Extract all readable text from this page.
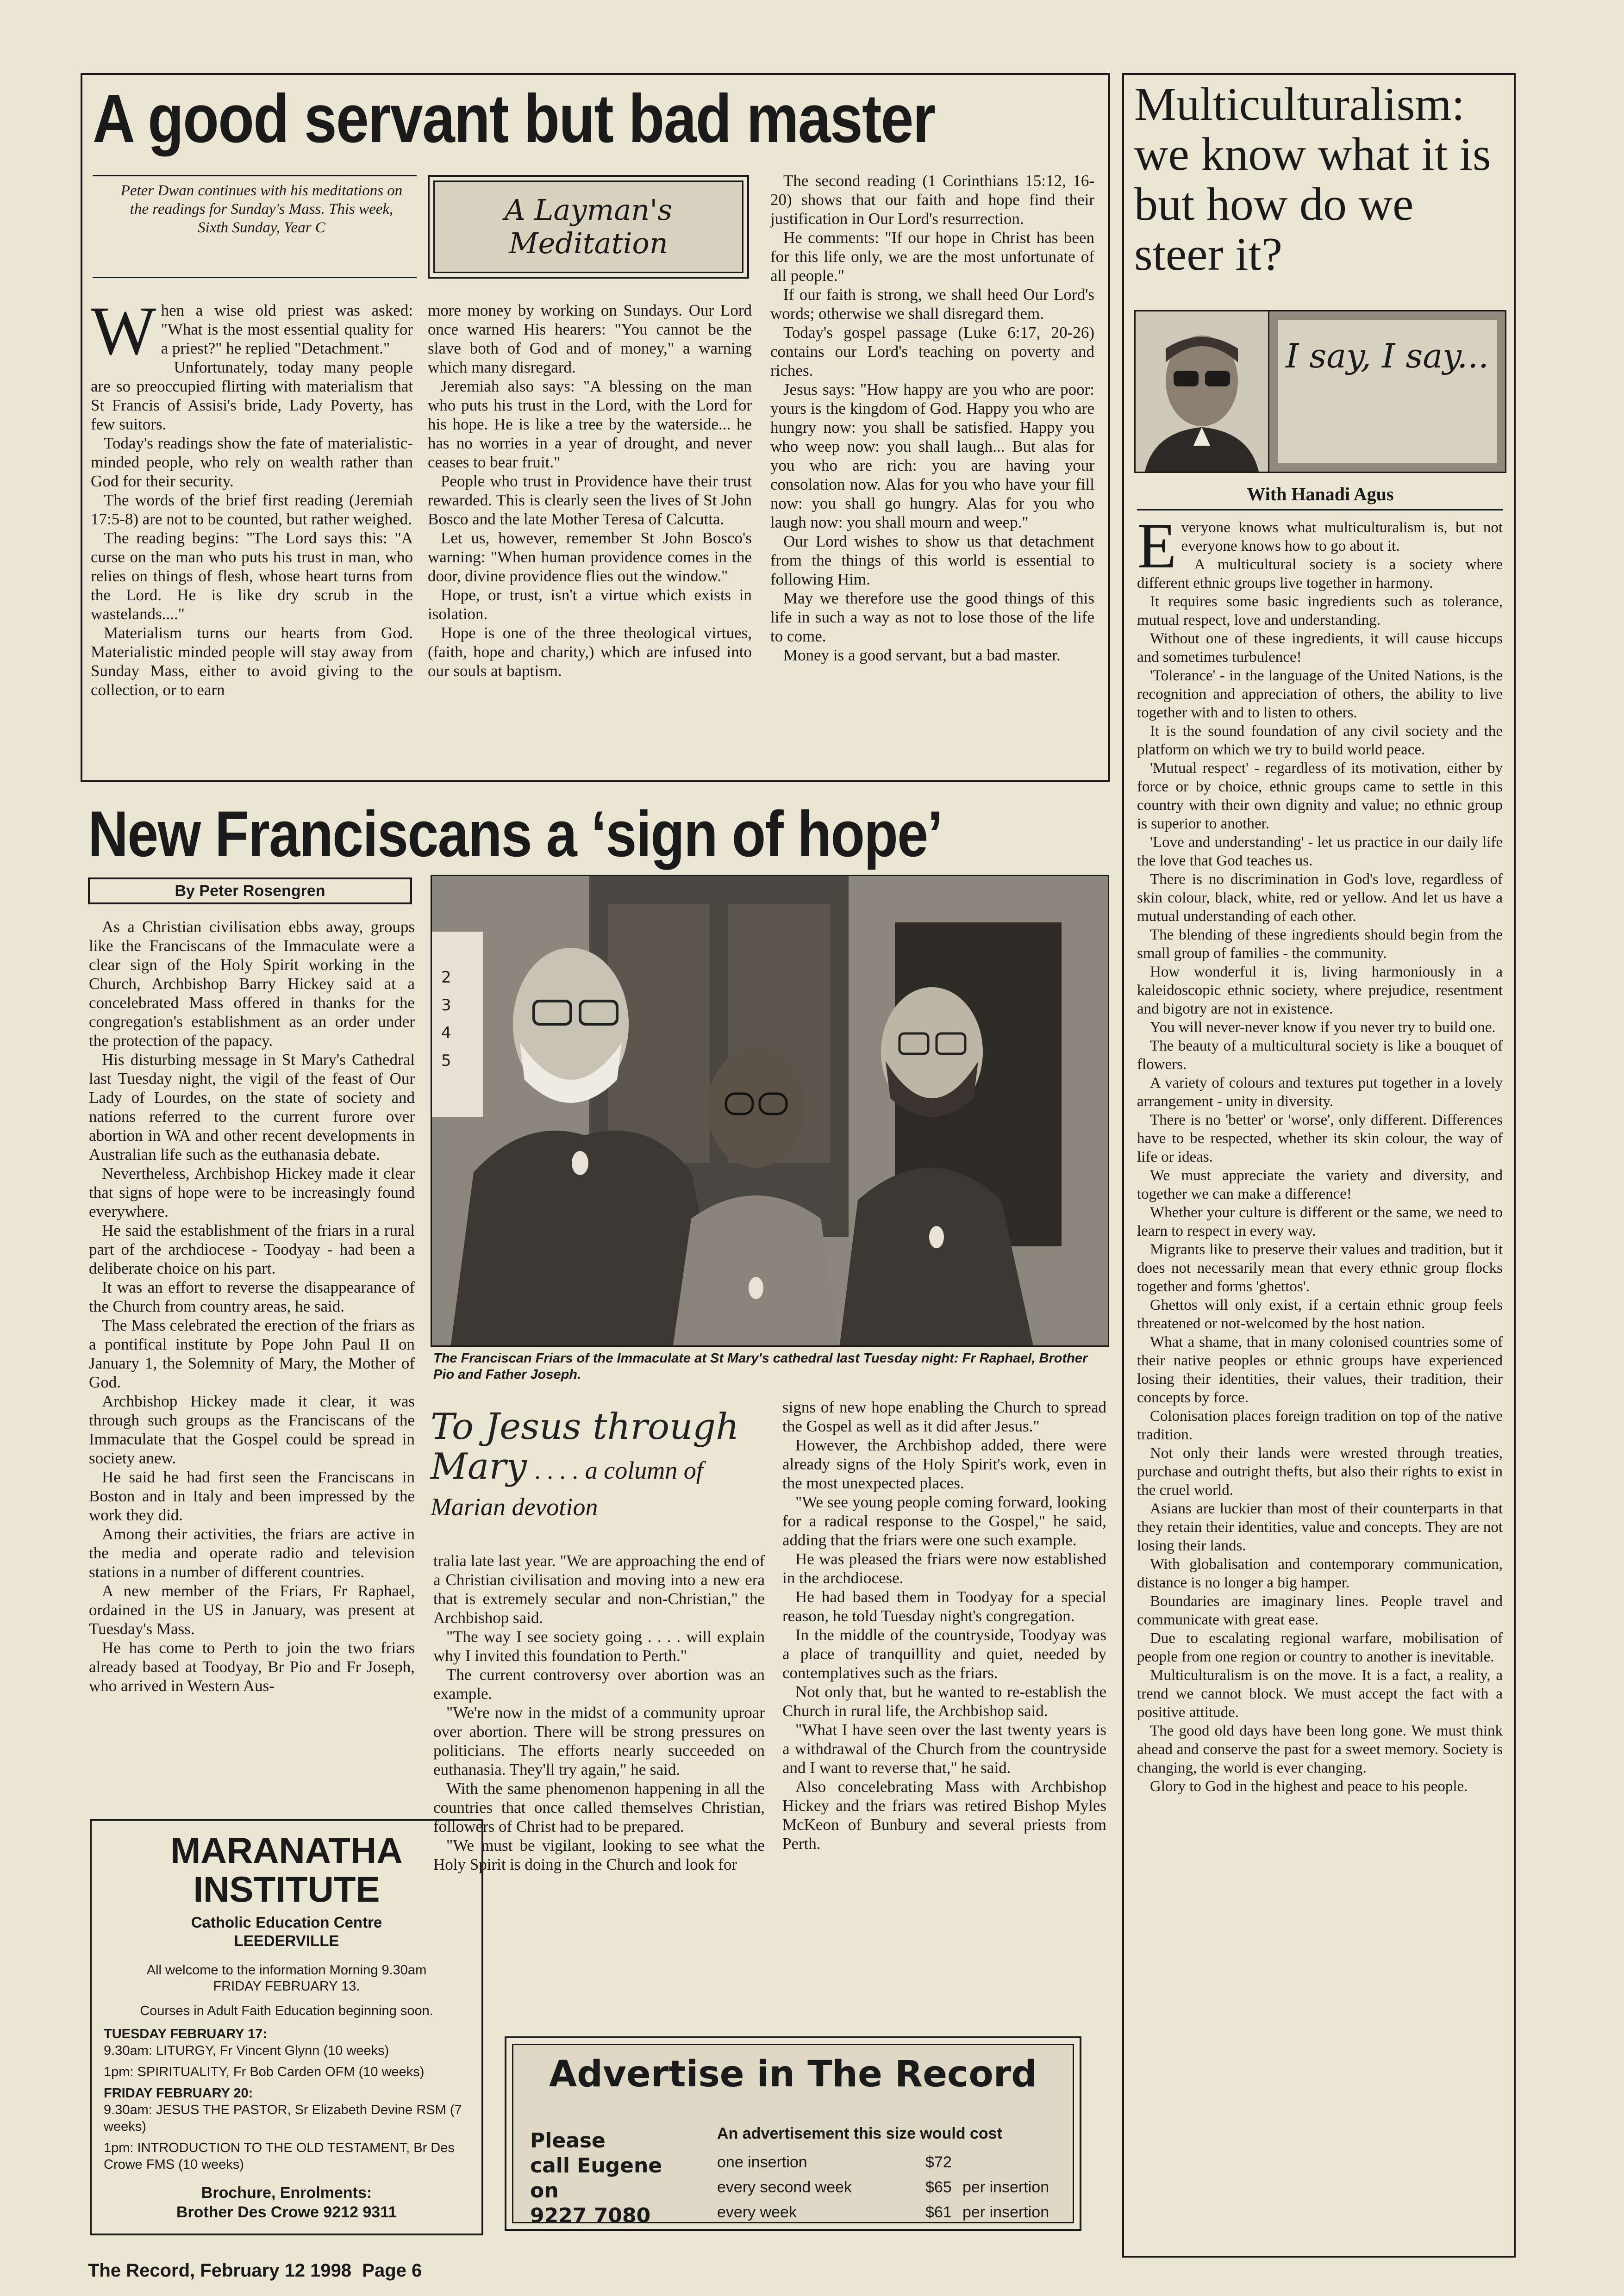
A good servant but bad master
Peter Dwan continues with his meditations on the readings for Sunday's Mass. This week, Sixth Sunday, Year C
A Layman's Meditation
W hen a wise old priest was asked: "What is the most essential quality for a priest?" he replied "Detachment."

Unfortunately, today many people are so preoccupied flirting with materialism that St Francis of Assisi's bride, Lady Poverty, has few suitors.

Today's readings show the fate of materialistic-minded people, who rely on wealth rather than God for their security.

The words of the brief first reading (Jeremiah 17:5-8) are not to be counted, but rather weighed.

The reading begins: "The Lord says this: "A curse on the man who puts his trust in man, who relies on things of flesh, whose heart turns from the Lord. He is like dry scrub in the wastelands...."

Materialism turns our hearts from God. Materialistic minded people will stay away from Sunday Mass, either to avoid giving to the collection, or to earn

more money by working on Sundays. Our Lord once warned His hearers: "You cannot be the slave both of God and of money," a warning which many disregard.

Jeremiah also says: "A blessing on the man who puts his trust in the Lord, with the Lord for his hope. He is like a tree by the waterside... he has no worries in a year of drought, and never ceases to bear fruit."

People who trust in Providence have their trust rewarded. This is clearly seen the lives of St John Bosco and the late Mother Teresa of Calcutta.

Let us, however, remember St John Bosco's warning: "When human providence comes in the door, divine providence flies out the window."

Hope, or trust, isn't a virtue which exists in isolation.

Hope is one of the three theological virtues, (faith, hope and charity,) which are infused into our souls at baptism.

The second reading (1 Corinthians 15:12, 16-20) shows that our faith and hope find their justification in Our Lord's resurrection.

He comments: "If our hope in Christ has been for this life only, we are the most unfortunate of all people."

If our faith is strong, we shall heed Our Lord's words; otherwise we shall disregard them.

Today's gospel passage (Luke 6:17, 20-26) contains our Lord's teaching on poverty and riches.

Jesus says: "How happy are you who are poor: yours is the kingdom of God. Happy you who are hungry now: you shall be satisfied. Happy you who weep now: you shall laugh... But alas for you who are rich: you are having your consolation now. Alas for you who have your fill now: you shall go hungry. Alas for you who laugh now: you shall mourn and weep."

Our Lord wishes to show us that detachment from the things of this world is essential to following Him.

May we therefore use the good things of this life in such a way as not to lose those of the life to come.

Money is a good servant, but a bad master.

New Franciscans a ‘sign of hope’
By Peter Rosengren

As a Christian civilisation ebbs away, groups like the Franciscans of the Immaculate were a clear sign of the Holy Spirit working in the Church, Archbishop Barry Hickey said at a concelebrated Mass offered in thanks for the congregation's establishment as an order under the protection of the papacy.

His disturbing message in St Mary's Cathedral last Tuesday night, the vigil of the feast of Our Lady of Lourdes, on the state of society and nations referred to the current furore over abortion in WA and other recent developments in Australian life such as the euthanasia debate.

Nevertheless, Archbishop Hickey made it clear that signs of hope were to be increasingly found everywhere.

He said the establishment of the friars in a rural part of the archdiocese - Toodyay - had been a deliberate choice on his part.

It was an effort to reverse the disappearance of the Church from country areas, he said.

The Mass celebrated the erection of the friars as a pontifical institute by Pope John Paul II on January 1, the Solemnity of Mary, the Mother of God.

Archbishop Hickey made it clear, it was through such groups as the Franciscans of the Immaculate that the Gospel could be spread in society anew.

He said he had first seen the Franciscans in Boston and in Italy and been impressed by the work they did.

Among their activities, the friars are active in the media and operate radio and television stations in a number of different countries.

A new member of the Friars, Fr Raphael, ordained in the US in January, was present at Tuesday's Mass.

He has come to Perth to join the two friars already based at Toodyay, Br Pio and Fr Joseph, who arrived in Western Aus-

2
3
4
5
The Franciscan Friars of the Immaculate at St Mary's cathedral last Tuesday night: Fr Raphael, Brother Pio and Father Joseph.
To Jesus through Mary . . . . a column of
Marian devotion

tralia late last year. "We are approaching the end of a Christian civilisation and moving into a new era that is extremely secular and non-Christian," the Archbishop said.

"The way I see society going . . . . will explain why I invited this foundation to Perth."

The current controversy over abortion was an example.

"We're now in the midst of a community uproar over abortion. There will be strong pressures on politicians. The efforts nearly succeeded on euthanasia. They'll try again," he said.

With the same phenomenon happening in all the countries that once called themselves Christian, followers of Christ had to be prepared.

"We must be vigilant, looking to see what the Holy Spirit is doing in the Church and look for

signs of new hope enabling the Church to spread the Gospel as well as it did after Jesus."

However, the Archbishop added, there were already signs of the Holy Spirit's work, even in the most unexpected places.

"We see young people coming forward, looking for a radical response to the Gospel," he said, adding that the friars were one such example.

He was pleased the friars were now established in the archdiocese.

He had based them in Toodyay for a special reason, he told Tuesday night's congregation.

In the middle of the countryside, Toodyay was a place of tranquillity and quiet, needed by contemplatives such as the friars.

Not only that, but he wanted to re-establish the Church in rural life, the Archbishop said.

"What I have seen over the last twenty years is a withdrawal of the Church from the countryside and I want to reverse that," he said.

Also concelebrating Mass with Archbishop Hickey and the friars was retired Bishop Myles McKeon of Bunbury and several priests from Perth.

MARANATHA
INSTITUTE
Catholic Education Centre
LEEDERVILLE
All welcome to the information Morning 9.30am
FRIDAY FEBRUARY 13.
Courses in Adult Faith Education beginning soon.
TUESDAY FEBRUARY 17:
9.30am: LITURGY, Fr Vincent Glynn (10 weeks)
1pm: SPIRITUALITY, Fr Bob Carden OFM (10 weeks)
FRIDAY FEBRUARY 20:
9.30am: JESUS THE PASTOR, Sr Elizabeth Devine RSM (7 weeks)
1pm: INTRODUCTION TO THE OLD TESTAMENT, Br Des Crowe FMS (10 weeks)
Brochure, Enrolments:
Brother Des Crowe 9212 9311
Advertise in The Record
Please
call Eugene
on
9227 7080
An advertisement this size would cost
one insertion	$72
every second week	$65 per insertion
every week	$61 per insertion
Multiculturalism: we know what it is but how do we steer it?
I say, I say...
With Hanadi Agus
E veryone knows what multiculturalism is, but not everyone knows how to go about it.

A multicultural society is a society where different ethnic groups live together in harmony.

It requires some basic ingredients such as tolerance, mutual respect, love and understanding.

Without one of these ingredients, it will cause hiccups and sometimes turbulence!

'Tolerance' - in the language of the United Nations, is the recognition and appreciation of others, the ability to live together with and to listen to others.

It is the sound foundation of any civil society and the platform on which we try to build world peace.

'Mutual respect' - regardless of its motivation, either by force or by choice, ethnic groups came to settle in this country with their own dignity and value; no ethnic group is superior to another.

'Love and understanding' - let us practice in our daily life the love that God teaches us.

There is no discrimination in God's love, regardless of skin colour, black, white, red or yellow. And let us have a mutual understanding of each other.

The blending of these ingredients should begin from the small group of families - the community.

How wonderful it is, living harmoniously in a kaleidoscopic ethnic society, where prejudice, resentment and bigotry are not in existence.

You will never-never know if you never try to build one.

The beauty of a multicultural society is like a bouquet of flowers.

A variety of colours and textures put together in a lovely arrangement - unity in diversity.

There is no 'better' or 'worse', only different. Differences have to be respected, whether its skin colour, the way of life or ideas.

We must appreciate the variety and diversity, and together we can make a difference!

Whether your culture is different or the same, we need to learn to respect in every way.

Migrants like to preserve their values and tradition, but it does not necessarily mean that every ethnic group flocks together and forms 'ghettos'.

Ghettos will only exist, if a certain ethnic group feels threatened or not-welcomed by the host nation.

What a shame, that in many colonised countries some of their native peoples or ethnic groups have experienced losing their identities, their values, their tradition, their concepts by force.

Colonisation places foreign tradition on top of the native tradition.

Not only their lands were wrested through treaties, purchase and outright thefts, but also their rights to exist in the cruel world.

Asians are luckier than most of their counterparts in that they retain their identities, value and concepts. They are not losing their lands.

With globalisation and contemporary communication, distance is no longer a big hamper.

Boundaries are imaginary lines. People travel and communicate with great ease.

Due to escalating regional warfare, mobilisation of people from one region or country to another is inevitable.

Multiculturalism is on the move. It is a fact, a reality, a trend we cannot block. We must accept the fact with a positive attitude.

The good old days have been long gone. We must think ahead and conserve the past for a sweet memory. Society is changing, the world is ever changing.

Glory to God in the highest and peace to his people.

The Record, February 12 1998 Page 6
